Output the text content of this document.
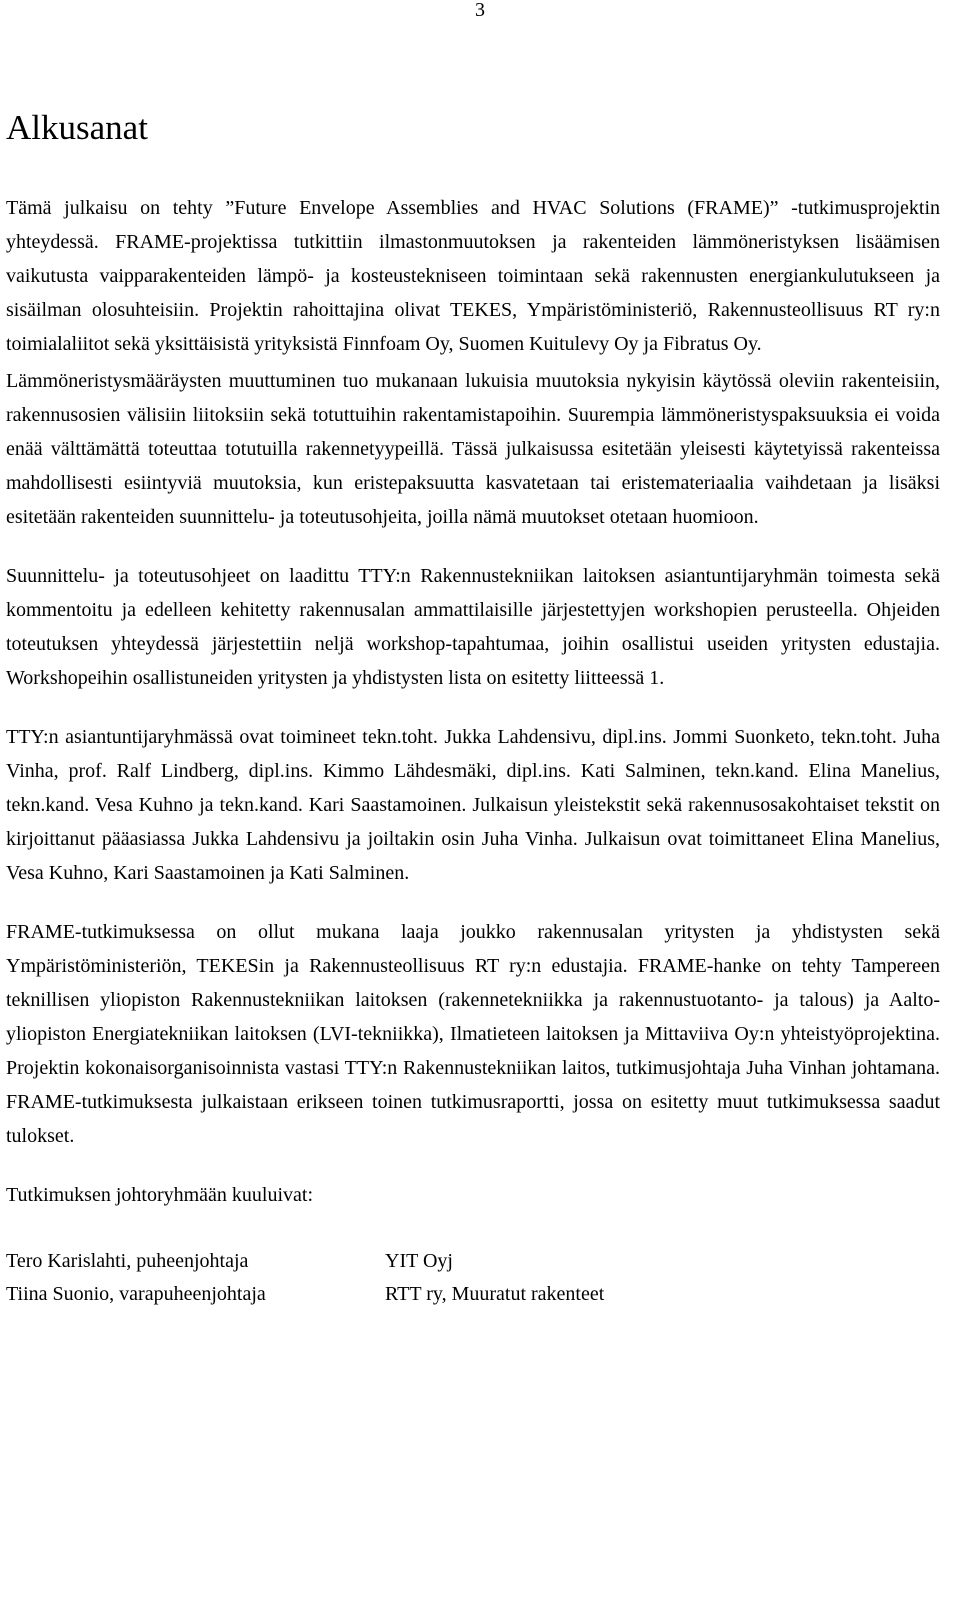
3
Alkusanat

Tämä julkaisu on tehty ”Future Envelope Assemblies and HVAC Solutions (FRAME)” -tutkimusprojektin yhteydessä. FRAME-projektissa tutkittiin ilmastonmuutoksen ja rakenteiden lämmöneristyksen lisäämisen vaikutusta vaipparakenteiden lämpö- ja kosteustekniseen toimintaan sekä rakennusten energiankulutukseen ja sisäilman olosuhteisiin. Projektin rahoittajina olivat TEKES, Ympäristöministeriö, Rakennusteollisuus RT ry:n toimialaliitot sekä yksittäisistä yrityksistä Finnfoam Oy, Suomen Kuitulevy Oy ja Fibratus Oy.

Lämmöneristysmääräysten muuttuminen tuo mukanaan lukuisia muutoksia nykyisin käytössä oleviin rakenteisiin, rakennusosien välisiin liitoksiin sekä totuttuihin rakentamistapoihin. Suurempia lämmöneristyspaksuuksia ei voida enää välttämättä toteuttaa totutuilla rakennetyypeillä. Tässä julkaisussa esitetään yleisesti käytetyissä rakenteissa mahdollisesti esiintyviä muutoksia, kun eristepaksuutta kasvatetaan tai eristemateriaalia vaihdetaan ja lisäksi esitetään rakenteiden suunnittelu- ja toteutusohjeita, joilla nämä muutokset otetaan huomioon.

Suunnittelu- ja toteutusohjeet on laadittu TTY:n Rakennustekniikan laitoksen asiantuntijaryhmän toimesta sekä kommentoitu ja edelleen kehitetty rakennusalan ammattilaisille järjestettyjen workshopien perusteella. Ohjeiden toteutuksen yhteydessä järjestettiin neljä workshop-tapahtumaa, joihin osallistui useiden yritysten edustajia. Workshopeihin osallistuneiden yritysten ja yhdistysten lista on esitetty liitteessä 1.

TTY:n asiantuntijaryhmässä ovat toimineet tekn.toht. Jukka Lahdensivu, dipl.ins. Jommi Suonketo, tekn.toht. Juha Vinha, prof. Ralf Lindberg, dipl.ins. Kimmo Lähdesmäki, dipl.ins. Kati Salminen, tekn.kand. Elina Manelius, tekn.kand. Vesa Kuhno ja tekn.kand. Kari Saastamoinen. Julkaisun yleistekstit sekä rakennusosakohtaiset tekstit on kirjoittanut pääasiassa Jukka Lahdensivu ja joiltakin osin Juha Vinha. Julkaisun ovat toimittaneet Elina Manelius, Vesa Kuhno, Kari Saastamoinen ja Kati Salminen.

FRAME-tutkimuksessa on ollut mukana laaja joukko rakennusalan yritysten ja yhdistysten sekä Ympäristöministeriön, TEKESin ja Rakennusteollisuus RT ry:n edustajia. FRAME-hanke on tehty Tampereen teknillisen yliopiston Rakennustekniikan laitoksen (rakennetekniikka ja rakennustuotanto- ja talous) ja Aalto-yliopiston Energiatekniikan laitoksen (LVI-tekniikka), Ilmatieteen laitoksen ja Mittaviiva Oy:n yhteistyöprojektina. Projektin kokonaisorganisoinnista vastasi TTY:n Rakennustekniikan laitos, tutkimusjohtaja Juha Vinhan johtamana. FRAME-tutkimuksesta julkaistaan erikseen toinen tutkimusraportti, jossa on esitetty muut tutkimuksessa saadut tulokset.

Tutkimuksen johtoryhmään kuuluivat:

Tero Karislahti, puheenjohtaja	YIT Oyj
Tiina Suonio, varapuheenjohtaja	RTT ry, Muuratut rakenteet
